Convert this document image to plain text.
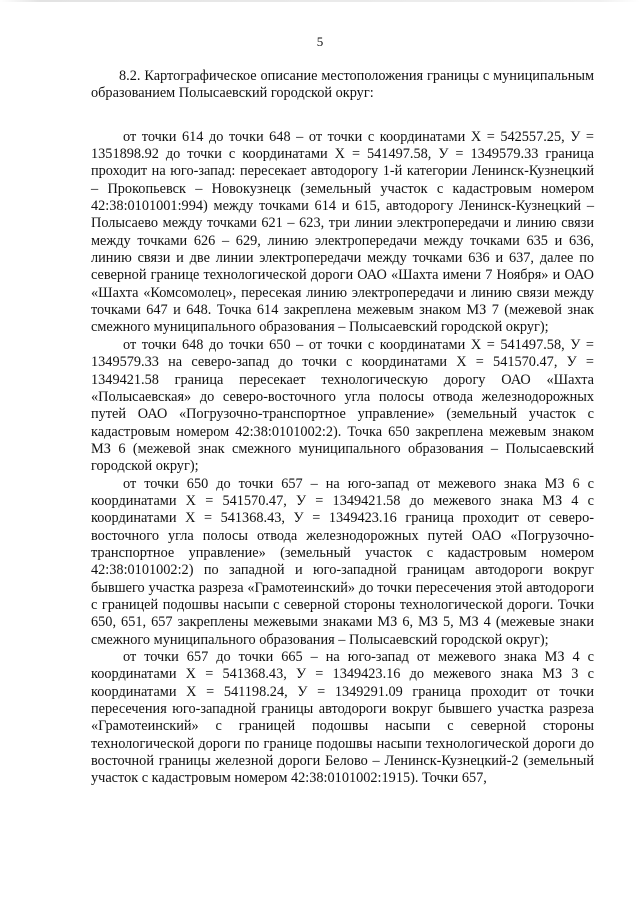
5

8.2. Картографическое описание местоположения границы с муниципальным образованием Полысаевский городской округ:

от точки 614 до точки 648 – от точки с координатами Х = 542557.25, У = 1351898.92 до точки с координатами Х = 541497.58, У = 1349579.33 граница проходит на юго-запад: пересекает автодорогу 1-й категории Ленинск-Кузнецкий – Прокопьевск – Новокузнецк (земельный участок с кадастровым номером 42:38:0101001:994) между точками 614 и 615, автодорогу Ленинск-Кузнецкий – Полысаево между точками 621 – 623, три линии электропередачи и линию связи между точками 626 – 629, линию электропередачи между точками 635 и 636, линию связи и две линии электропередачи между точками 636 и 637, далее по северной границе технологической дороги ОАО «Шахта имени 7 Ноября» и ОАО «Шахта «Комсомолец», пересекая линию электропередачи и линию связи между точками 647 и 648. Точка 614 закреплена межевым знаком МЗ 7 (межевой знак смежного муниципального образования – Полысаевский городской округ);

от точки 648 до точки 650 – от точки с координатами Х = 541497.58, У = 1349579.33 на северо-запад до точки с координатами Х = 541570.47, У = 1349421.58 граница пересекает технологическую дорогу ОАО «Шахта «Полысаевская» до северо-восточного угла полосы отвода железнодорожных путей ОАО «Погрузочно-транспортное управление» (земельный участок с кадастровым номером 42:38:0101002:2). Точка 650 закреплена межевым знаком МЗ 6 (межевой знак смежного муниципального образования – Полысаевский городской округ);

от точки 650 до точки 657 – на юго-запад от межевого знака МЗ 6 с координатами Х = 541570.47, У = 1349421.58 до межевого знака МЗ 4 с координатами Х = 541368.43, У = 1349423.16 граница проходит от северо-восточного угла полосы отвода железнодорожных путей ОАО «Погрузочно-транспортное управление» (земельный участок с кадастровым номером 42:38:0101002:2) по западной и юго-западной границам автодороги вокруг бывшего участка разреза «Грамотеинский» до точки пересечения этой автодороги с границей подошвы насыпи с северной стороны технологической дороги. Точки 650, 651, 657 закреплены межевыми знаками МЗ 6, МЗ 5, МЗ 4 (межевые знаки смежного муниципального образования – Полысаевский городской округ);

от точки 657 до точки 665 – на юго-запад от межевого знака МЗ 4 с координатами Х = 541368.43, У = 1349423.16 до межевого знака МЗ 3 с координатами Х = 541198.24, У = 1349291.09 граница проходит от точки пересечения юго-западной границы автодороги вокруг бывшего участка разреза «Грамотеинский» с границей подошвы насыпи с северной стороны технологической дороги по границе подошвы насыпи технологической дороги до восточной границы железной дороги Белово – Ленинск-Кузнецкий-2 (земельный участок с кадастровым номером 42:38:0101002:1915). Точки 657,
